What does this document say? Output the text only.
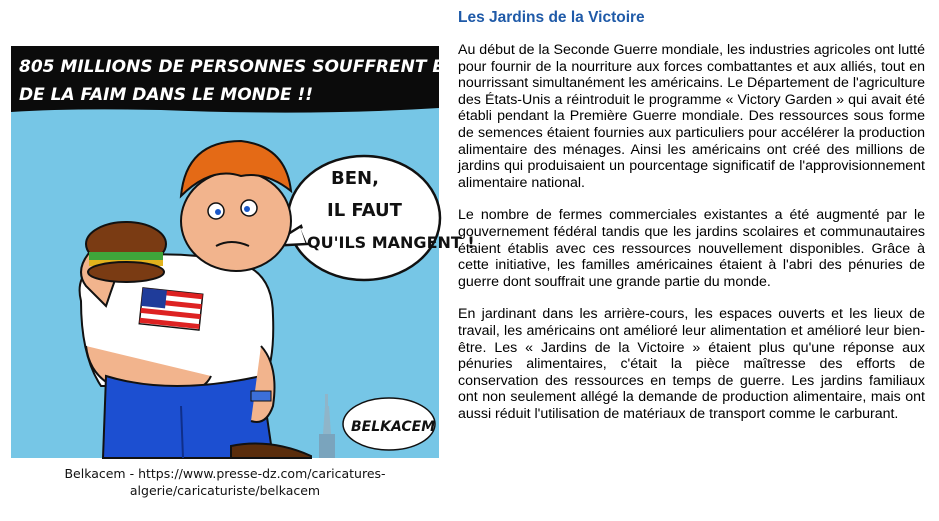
805 MILLIONS DE PERSONNES SOUFFRENT ENCORE
DE LA FAIM DANS LE MONDE !!
BEN,
IL FAUT
QU'ILS MANGENT !
BELKACEM
Belkacem - https://www.presse-dz.com/caricatures-
algerie/caricaturiste/belkacem
Les Jardins de la Victoire

Au début de la Seconde Guerre mondiale, les industries agricoles ont lutté pour fournir de la nourriture aux forces combattantes et aux alliés, tout en nourrissant simultanément les américains. Le Département de l'agriculture des États-Unis a réintroduit le programme « Victory Garden » qui avait été établi pendant la Première Guerre mondiale. Des ressources sous forme de semences étaient fournies aux particuliers pour accélérer la production alimentaire des ménages. Ainsi les américains ont créé des millions de jardins qui produisaient un pourcentage significatif de l'approvisionnement alimentaire national.

Le nombre de fermes commerciales existantes a été augmenté par le gouvernement fédéral tandis que les jardins scolaires et communautaires étaient établis avec ces ressources nouvellement disponibles. Grâce à cette initiative, les familles américaines étaient à l'abri des pénuries de guerre dont souffrait une grande partie du monde.

En jardinant dans les arrière-cours, les espaces ouverts et les lieux de travail, les américains ont amélioré leur alimentation et amélioré leur bien-être. Les « Jardins de la Victoire » étaient plus qu'une réponse aux pénuries alimentaires, c'était la pièce maîtresse des efforts de conservation des ressources en temps de guerre. Les jardins familiaux ont non seulement allégé la demande de production alimentaire, mais ont aussi réduit l'utilisation de matériaux de transport comme le carburant.
